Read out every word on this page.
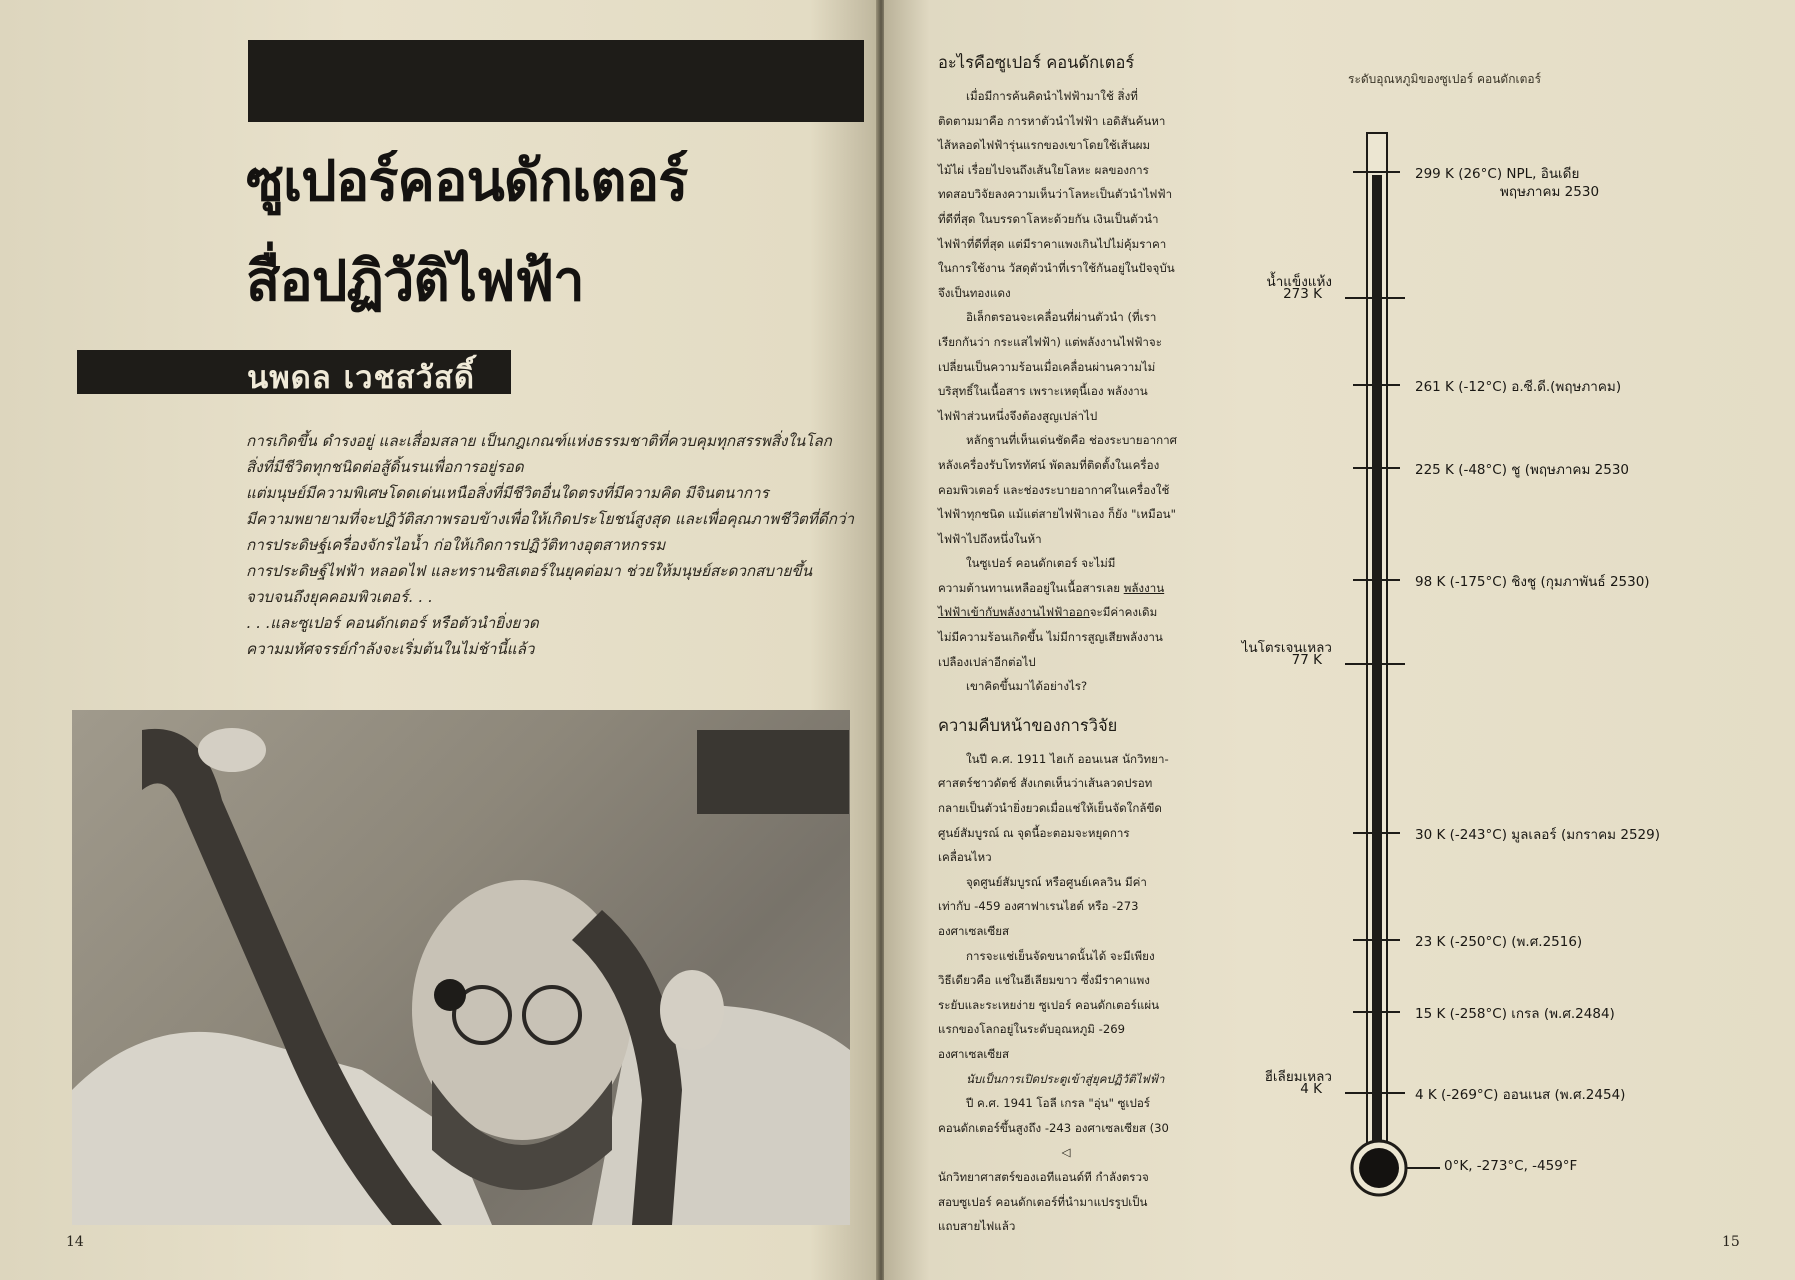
ซูเปอร์คอนดักเตอร์
สื่อปฏิวัติไฟฟ้า
นพดล เวชสวัสดิ์
การเกิดขึ้น ดำรงอยู่ และเสื่อมสลาย เป็นกฎเกณฑ์แห่งธรรมชาติที่ควบคุมทุกสรรพสิ่งในโลก
สิ่งที่มีชีวิตทุกชนิดต่อสู้ดิ้นรนเพื่อการอยู่รอด
แต่มนุษย์มีความพิเศษโดดเด่นเหนือสิ่งที่มีชีวิตอื่นใดตรงที่มีความคิด มีจินตนาการ
มีความพยายามที่จะปฏิวัติสภาพรอบข้างเพื่อให้เกิดประโยชน์สูงสุด และเพื่อคุณภาพชีวิตที่ดีกว่า
การประดิษฐ์เครื่องจักรไอน้ำ ก่อให้เกิดการปฏิวัติทางอุตสาหกรรม
การประดิษฐ์ไฟฟ้า หลอดไฟ และทรานซิสเตอร์ในยุคต่อมา ช่วยให้มนุษย์สะดวกสบายขึ้น
จวบจนถึงยุคคอมพิวเตอร์. . .
. . .และซูเปอร์ คอนดักเตอร์ หรือตัวนำยิ่งยวด
ความมหัศจรรย์กำลังจะเริ่มต้นในไม่ช้านี้แล้ว
14
อะไรคือซูเปอร์ คอนดักเตอร์

เมื่อมีการค้นคิดนำไฟฟ้ามาใช้ สิ่งที่

ติดตามมาคือ การหาตัวนำไฟฟ้า เอดิสันค้นหา

ไส้หลอดไฟฟ้ารุ่นแรกของเขาโดยใช้เส้นผม

ไม้ไผ่ เรื่อยไปจนถึงเส้นใยโลหะ ผลของการ

ทดสอบวิจัยลงความเห็นว่าโลหะเป็นตัวนำไฟฟ้า

ที่ดีที่สุด ในบรรดาโลหะด้วยกัน เงินเป็นตัวนำ

ไฟฟ้าที่ดีที่สุด แต่มีราคาแพงเกินไปไม่คุ้มราคา

ในการใช้งาน วัสดุตัวนำที่เราใช้กันอยู่ในปัจจุบัน

จึงเป็นทองแดง

อิเล็กตรอนจะเคลื่อนที่ผ่านตัวนำ (ที่เรา

เรียกกันว่า กระแสไฟฟ้า) แต่พลังงานไฟฟ้าจะ

เปลี่ยนเป็นความร้อนเมื่อเคลื่อนผ่านความไม่

บริสุทธิ์ในเนื้อสาร เพราะเหตุนี้เอง พลังงาน

ไฟฟ้าส่วนหนึ่งจึงต้องสูญเปล่าไป

หลักฐานที่เห็นเด่นชัดคือ ช่องระบายอากาศ

หลังเครื่องรับโทรทัศน์ พัดลมที่ติดตั้งในเครื่อง

คอมพิวเตอร์ และช่องระบายอากาศในเครื่องใช้

ไฟฟ้าทุกชนิด แม้แต่สายไฟฟ้าเอง ก็ยัง "เหมือน"

ไฟฟ้าไปถึงหนึ่งในห้า

ในซูเปอร์ คอนดักเตอร์ จะไม่มี

ความต้านทานเหลืออยู่ในเนื้อสารเลย พลังงาน

ไฟฟ้าเข้ากับพลังงานไฟฟ้าออกจะมีค่าคงเดิม

ไม่มีความร้อนเกิดขึ้น ไม่มีการสูญเสียพลังงาน

เปลืองเปล่าอีกต่อไป

เขาคิดขึ้นมาได้อย่างไร?

ความคืบหน้าของการวิจัย

ในปี ค.ศ. 1911 ไฮเก้ ออนเนส นักวิทยา-

ศาสตร์ชาวดัตช์ สังเกตเห็นว่าเส้นลวดปรอท

กลายเป็นตัวนำยิ่งยวดเมื่อแช่ให้เย็นจัดใกล้ขีด

ศูนย์สัมบูรณ์ ณ จุดนี้อะตอมจะหยุดการ

เคลื่อนไหว

จุดศูนย์สัมบูรณ์ หรือศูนย์เคลวิน มีค่า

เท่ากับ -459 องศาฟาเรนไฮต์ หรือ -273

องศาเซลเซียส

การจะแช่เย็นจัดขนาดนั้นได้ จะมีเพียง

วิธีเดียวคือ แช่ในฮีเลียมขาว ซึ่งมีราคาแพง

ระยับและระเหยง่าย ซูเปอร์ คอนดักเตอร์แผ่น

แรกของโลกอยู่ในระดับอุณหภูมิ -269

องศาเซลเซียส

นับเป็นการเปิดประตูเข้าสู่ยุคปฏิวัติไฟฟ้า

ปี ค.ศ. 1941 โอลี เกรล "อุ่น" ซูเปอร์

คอนดักเตอร์ขึ้นสูงถึง -243 องศาเซลเซียส (30

◁

นักวิทยาศาสตร์ของเอทีแอนด์ที กำลังตรวจ

สอบซูเปอร์ คอนดักเตอร์ที่นำมาแปรรูปเป็น

แถบสายไฟแล้ว

ระดับอุณหภูมิของซูเปอร์ คอนดักเตอร์
299 K (26°C) NPL, อินเดีย
พฤษภาคม 2530
261 K (-12°C) อ.ซี.ดี.(พฤษภาคม)
225 K (-48°C) ชู (พฤษภาคม 2530
98 K (-175°C) ชิงชู (กุมภาพันธ์ 2530)
30 K (-243°C) มูลเลอร์ (มกราคม 2529)
23 K (-250°C) (พ.ศ.2516)
15 K (-258°C) เกรล (พ.ศ.2484)
4 K (-269°C) ออนเนส (พ.ศ.2454)
น้ำแข็งแห้ง
273 K
ไนโตรเจนเหลว
77 K
ฮีเลียมเหลว
4 K
0°K, -273°C, -459°F
15
